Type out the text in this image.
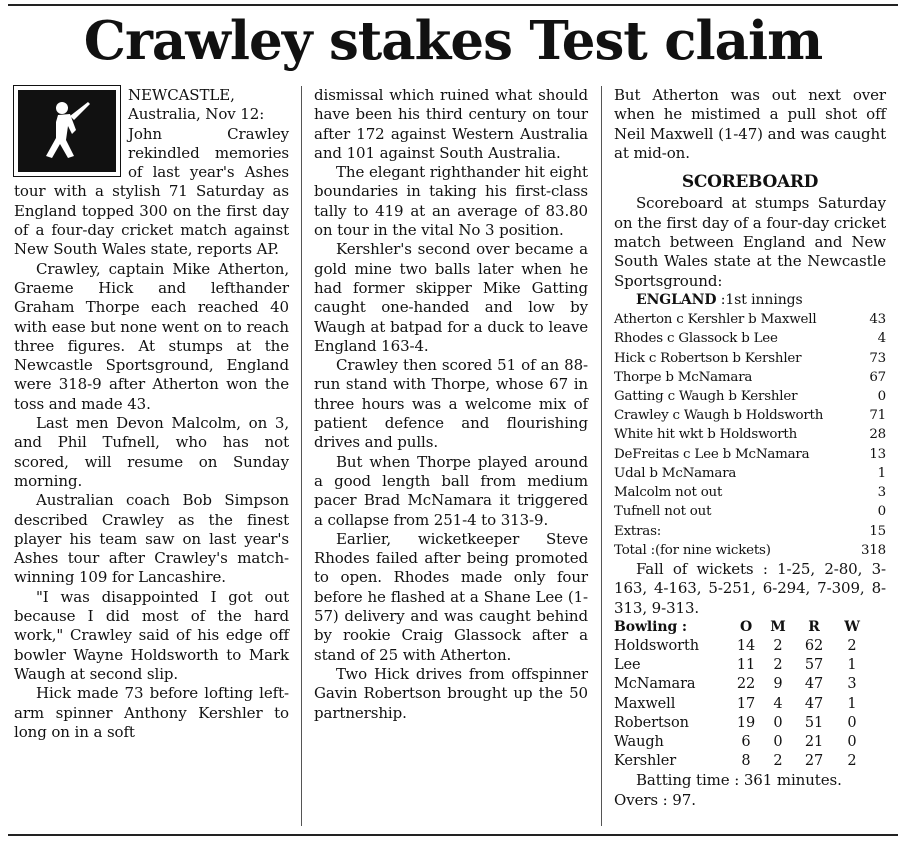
Crawley stakes Test claim

NEWCASTLE, Australia, Nov 12:

John Crawley rekindled memories of last year's Ashes tour with a stylish 71 Saturday as England topped 300 on the first day of a four-day cricket match against New South Wales state, reports AP.

Crawley, captain Mike Atherton, Graeme Hick and lefthander Graham Thorpe each reached 40 with ease but none went on to reach three figures. At stumps at the Newcastle Sportsground, England were 318-9 after Atherton won the toss and made 43.

Last men Devon Malcolm, on 3, and Phil Tufnell, who has not scored, will resume on Sunday morning.

Australian coach Bob Simpson described Crawley as the finest player his team saw on last year's Ashes tour after Crawley's match-winning 109 for Lancashire.

"I was disappointed I got out because I did most of the hard work," Crawley said of his edge off bowler Wayne Holdsworth to Mark Waugh at second slip.

Hick made 73 before lofting left-arm spinner Anthony Kershler to long on in a soft

dismissal which ruined what should have been his third century on tour after 172 against Western Australia and 101 against South Australia.

The elegant righthander hit eight boundaries in taking his first-class tally to 419 at an average of 83.80 on tour in the vital No 3 position.

Kershler's second over became a gold mine two balls later when he had former skipper Mike Gatting caught one-handed and low by Waugh at batpad for a duck to leave England 163-4.

Crawley then scored 51 of an 88-run stand with Thorpe, whose 67 in three hours was a welcome mix of patient defence and flourishing drives and pulls.

But when Thorpe played around a good length ball from medium pacer Brad McNamara it triggered a collapse from 251-4 to 313-9.

Earlier, wicketkeeper Steve Rhodes failed after being promoted to open. Rhodes made only four before he flashed at a Shane Lee (1-57) delivery and was caught behind by rookie Craig Glassock after a stand of 25 with Atherton.

Two Hick drives from offspinner Gavin Robertson brought up the 50 partnership.

But Atherton was out next over when he mistimed a pull shot off Neil Maxwell (1-47) and was caught at mid-on.

SCOREBOARD

Scoreboard at stumps Saturday on the first day of a four-day cricket match between England and New South Wales state at the Newcastle Sportsground:

ENGLAND :1st innings
Atherton c Kershler b Maxwell	43
Rhodes c Glassock b Lee	4
Hick c Robertson b Kershler	73
Thorpe b McNamara	67
Gatting c Waugh b Kershler	0
Crawley c Waugh b Holdsworth	71
White hit wkt b Holdsworth	28
DeFreitas c Lee b McNamara	13
Udal b McNamara	1
Malcolm not out	3
Tufnell not out	0
Extras:	15
Total :(for nine wickets)	318

Fall of wickets : 1-25, 2-80, 3-163, 4-163, 5-251, 6-294, 7-309, 8-313, 9-313.

Bowling :	O	M	R	W
Holdsworth	14	2	62	2
Lee	11	2	57	1
McNamara	22	9	47	3
Maxwell	17	4	47	1
Robertson	19	0	51	0
Waugh	6	0	21	0
Kershler	8	2	27	2

Batting time : 361 minutes.

Overs : 97.
